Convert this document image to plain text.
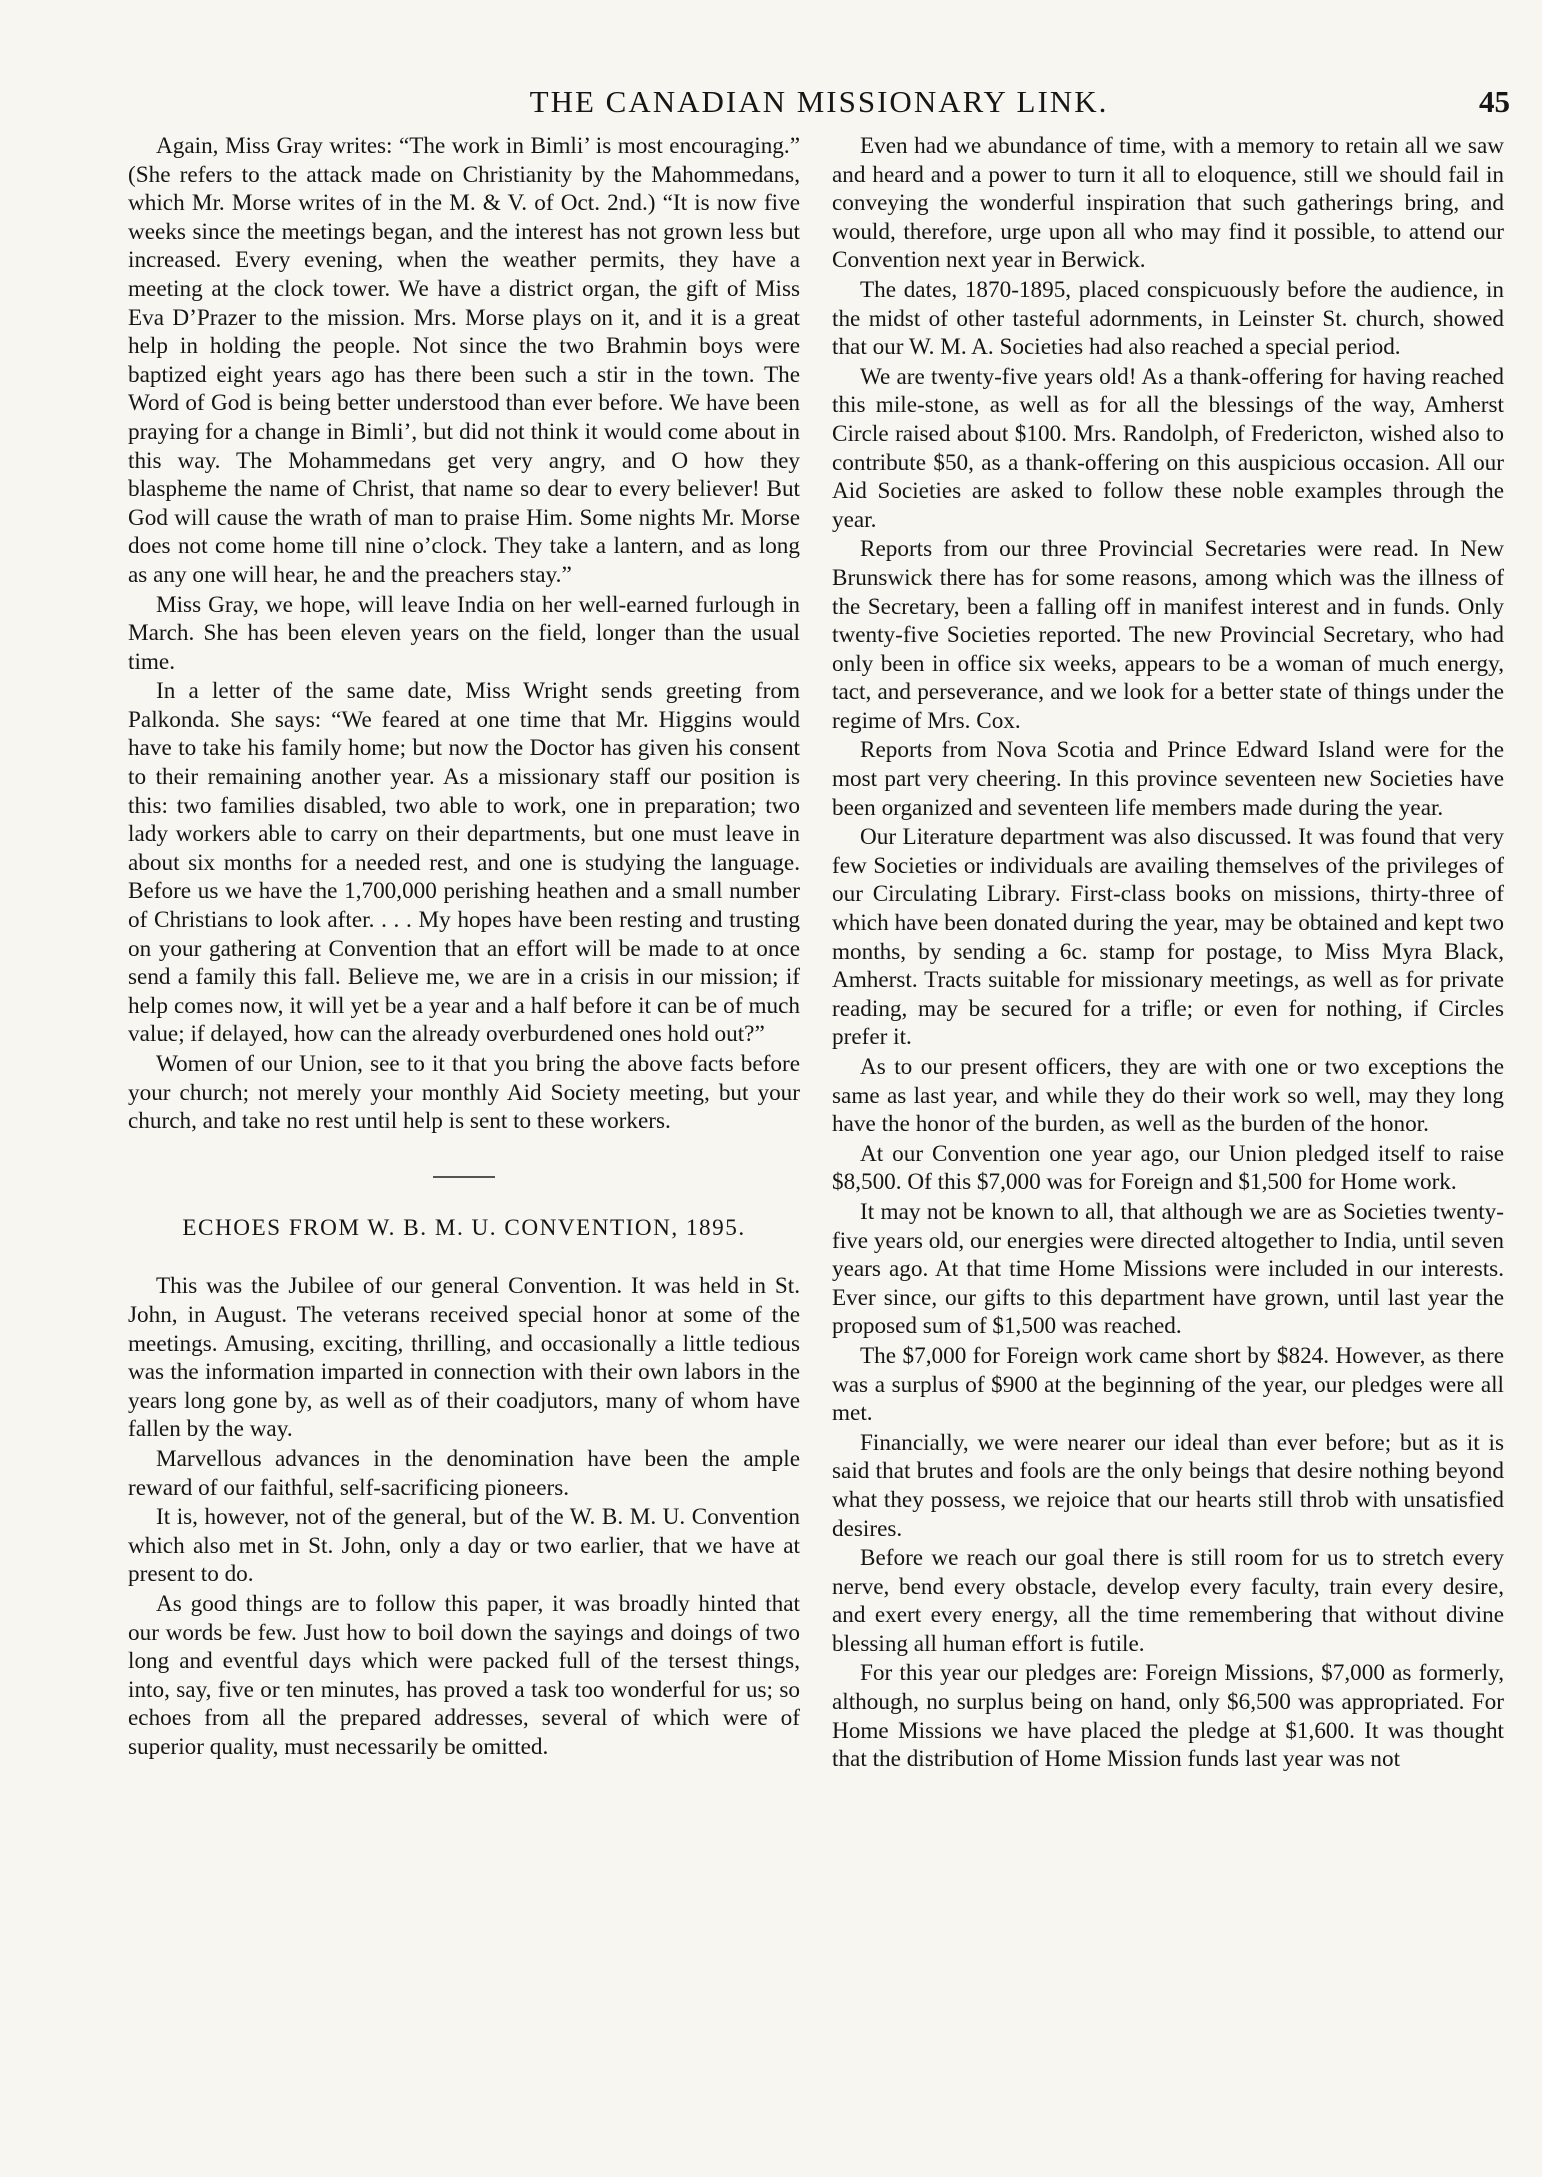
THE CANADIAN MISSIONARY LINK.	45

Again, Miss Gray writes: “The work in Bimli’ is most encouraging.” (She refers to the attack made on Christianity by the Mahommedans, which Mr. Morse writes of in the M. & V. of Oct. 2nd.) “It is now five weeks since the meetings began, and the interest has not grown less but increased. Every evening, when the weather permits, they have a meeting at the clock tower. We have a district organ, the gift of Miss Eva D’Prazer to the mission. Mrs. Morse plays on it, and it is a great help in holding the people. Not since the two Brahmin boys were baptized eight years ago has there been such a stir in the town. The Word of God is being better understood than ever before. We have been praying for a change in Bimli’, but did not think it would come about in this way. The Mohammedans get very angry, and O how they blaspheme the name of Christ, that name so dear to every believer! But God will cause the wrath of man to praise Him. Some nights Mr. Morse does not come home till nine o’clock. They take a lantern, and as long as any one will hear, he and the preachers stay.”

Miss Gray, we hope, will leave India on her well-earned furlough in March. She has been eleven years on the field, longer than the usual time.

In a letter of the same date, Miss Wright sends greeting from Palkonda. She says: “We feared at one time that Mr. Higgins would have to take his family home; but now the Doctor has given his consent to their remaining another year. As a missionary staff our position is this: two families disabled, two able to work, one in preparation; two lady workers able to carry on their departments, but one must leave in about six months for a needed rest, and one is studying the language. Before us we have the 1,700,000 perishing heathen and a small number of Christians to look after. . . . My hopes have been resting and trusting on your gathering at Convention that an effort will be made to at once send a family this fall. Believe me, we are in a crisis in our mission; if help comes now, it will yet be a year and a half before it can be of much value; if delayed, how can the already overburdened ones hold out?”

Women of our Union, see to it that you bring the above facts before your church; not merely your monthly Aid Society meeting, but your church, and take no rest until help is sent to these workers.

ECHOES FROM W. B. M. U. CONVENTION, 1895.

This was the Jubilee of our general Convention. It was held in St. John, in August. The veterans received special honor at some of the meetings. Amusing, exciting, thrilling, and occasionally a little tedious was the information imparted in connection with their own labors in the years long gone by, as well as of their coadjutors, many of whom have fallen by the way.

Marvellous advances in the denomination have been the ample reward of our faithful, self-sacrificing pioneers.

It is, however, not of the general, but of the W. B. M. U. Convention which also met in St. John, only a day or two earlier, that we have at present to do.

As good things are to follow this paper, it was broadly hinted that our words be few. Just how to boil down the sayings and doings of two long and eventful days which were packed full of the tersest things, into, say, five or ten minutes, has proved a task too wonderful for us; so echoes from all the prepared addresses, several of which were of superior quality, must necessarily be omitted.

Even had we abundance of time, with a memory to retain all we saw and heard and a power to turn it all to eloquence, still we should fail in conveying the wonderful inspiration that such gatherings bring, and would, therefore, urge upon all who may find it possible, to attend our Convention next year in Berwick.

The dates, 1870-1895, placed conspicuously before the audience, in the midst of other tasteful adornments, in Leinster St. church, showed that our W. M. A. Societies had also reached a special period.

We are twenty-five years old! As a thank-offering for having reached this mile-stone, as well as for all the blessings of the way, Amherst Circle raised about $100. Mrs. Randolph, of Fredericton, wished also to contribute $50, as a thank-offering on this auspicious occasion. All our Aid Societies are asked to follow these noble examples through the year.

Reports from our three Provincial Secretaries were read. In New Brunswick there has for some reasons, among which was the illness of the Secretary, been a falling off in manifest interest and in funds. Only twenty-five Societies reported. The new Provincial Secretary, who had only been in office six weeks, appears to be a woman of much energy, tact, and perseverance, and we look for a better state of things under the regime of Mrs. Cox.

Reports from Nova Scotia and Prince Edward Island were for the most part very cheering. In this province seventeen new Societies have been organized and seventeen life members made during the year.

Our Literature department was also discussed. It was found that very few Societies or individuals are availing themselves of the privileges of our Circulating Library. First-class books on missions, thirty-three of which have been donated during the year, may be obtained and kept two months, by sending a 6c. stamp for postage, to Miss Myra Black, Amherst. Tracts suitable for missionary meetings, as well as for private reading, may be secured for a trifle; or even for nothing, if Circles prefer it.

As to our present officers, they are with one or two exceptions the same as last year, and while they do their work so well, may they long have the honor of the burden, as well as the burden of the honor.

At our Convention one year ago, our Union pledged itself to raise $8,500. Of this $7,000 was for Foreign and $1,500 for Home work.

It may not be known to all, that although we are as Societies twenty-five years old, our energies were directed altogether to India, until seven years ago. At that time Home Missions were included in our interests. Ever since, our gifts to this department have grown, until last year the proposed sum of $1,500 was reached.

The $7,000 for Foreign work came short by $824. However, as there was a surplus of $900 at the beginning of the year, our pledges were all met.

Financially, we were nearer our ideal than ever before; but as it is said that brutes and fools are the only beings that desire nothing beyond what they possess, we rejoice that our hearts still throb with unsatisfied desires.

Before we reach our goal there is still room for us to stretch every nerve, bend every obstacle, develop every faculty, train every desire, and exert every energy, all the time remembering that without divine blessing all human effort is futile.

For this year our pledges are: Foreign Missions, $7,000 as formerly, although, no surplus being on hand, only $6,500 was appropriated. For Home Missions we have placed the pledge at $1,600. It was thought that the distribution of Home Mission funds last year was not
